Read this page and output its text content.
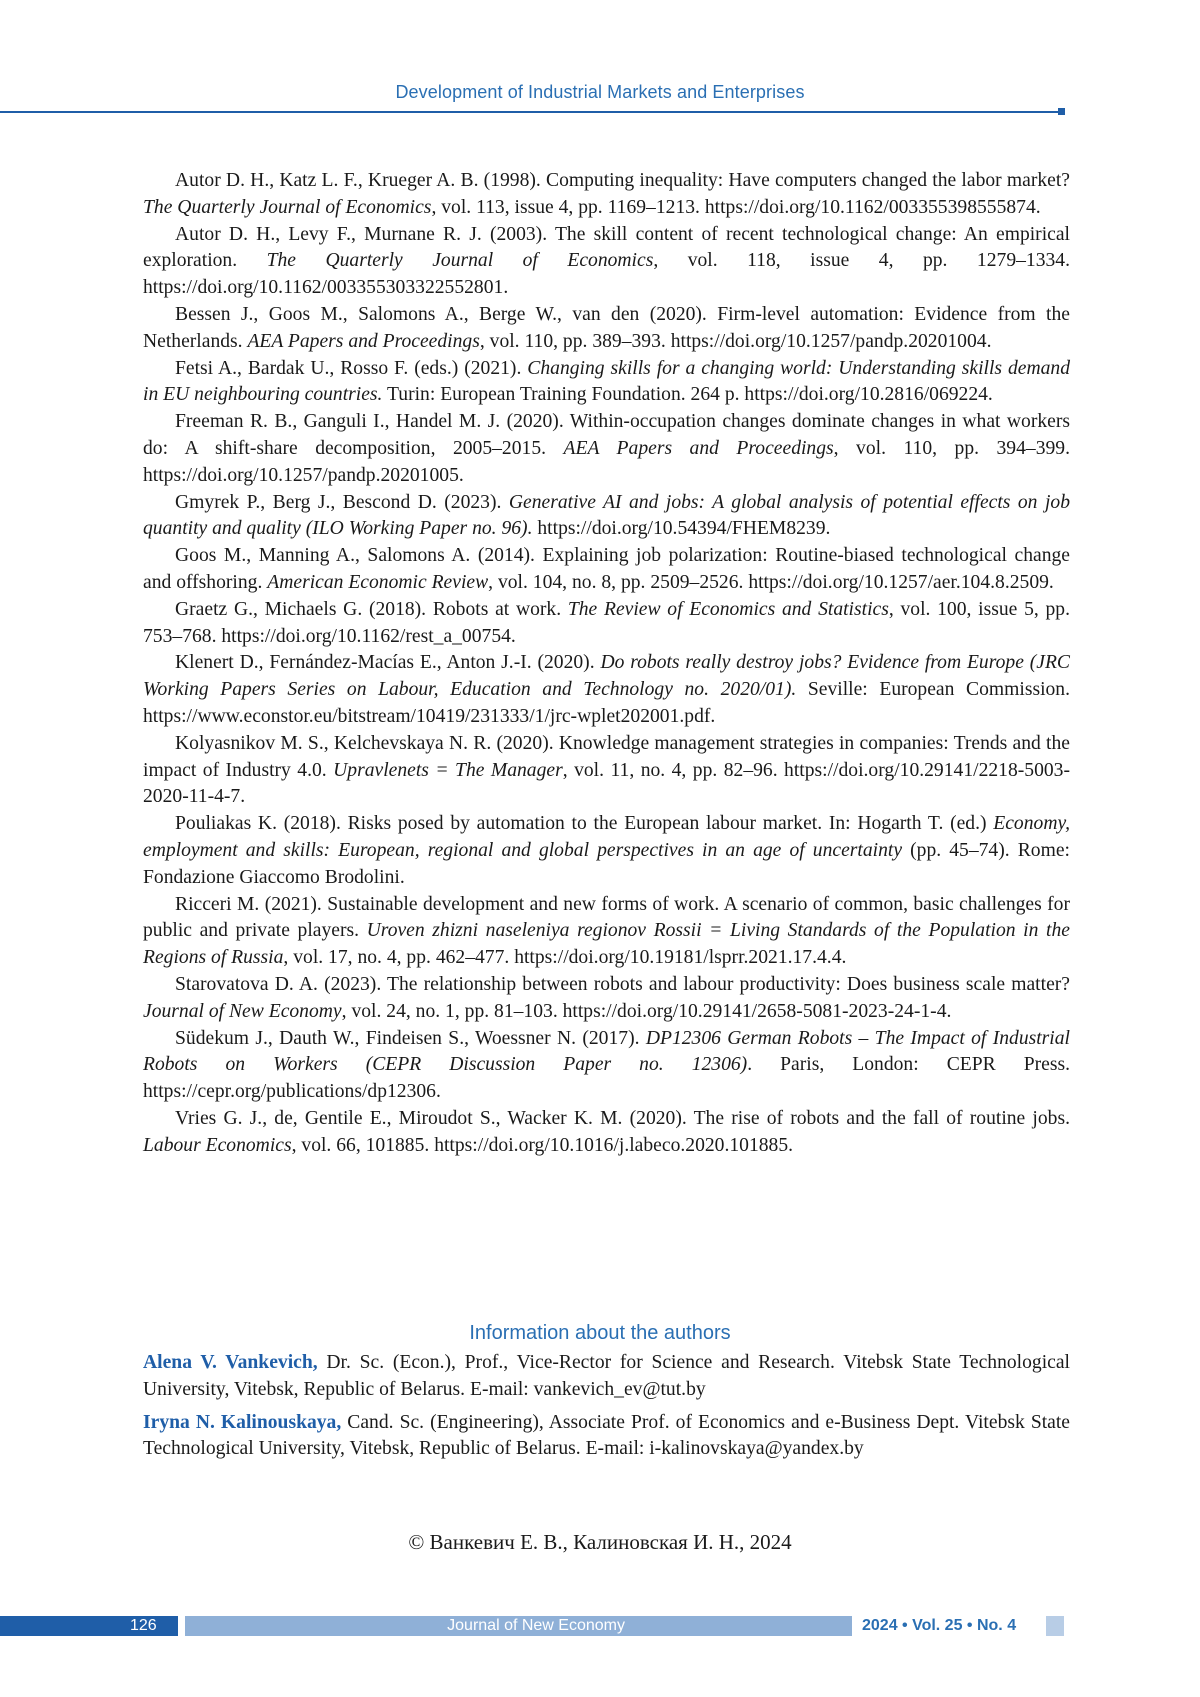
Development of Industrial Markets and Enterprises

Autor D. H., Katz L. F., Krueger A. B. (1998). Computing inequality: Have computers changed the labor market? The Quarterly Journal of Economics, vol. 113, issue 4, pp. 1169–1213. https://doi.org/10.1162/003355398555874.

Autor D. H., Levy F., Murnane R. J. (2003). The skill content of recent technological change: An empirical exploration. The Quarterly Journal of Economics, vol. 118, issue 4, pp. 1279–1334. https://doi.org/10.1162/003355303322552801.

Bessen J., Goos M., Salomons A., Berge W., van den (2020). Firm-level automation: Evidence from the Netherlands. AEA Papers and Proceedings, vol. 110, pp. 389–393. https://doi.org/10.1257/pandp.20201004.

Fetsi A., Bardak U., Rosso F. (eds.) (2021). Changing skills for a changing world: Understanding skills demand in EU neighbouring countries. Turin: European Training Foundation. 264 p. https://doi.org/10.2816/069224.

Freeman R. B., Ganguli I., Handel M. J. (2020). Within-occupation changes dominate changes in what workers do: A shift-share decomposition, 2005–2015. AEA Papers and Proceedings, vol. 110, pp. 394–399. https://doi.org/10.1257/pandp.20201005.

Gmyrek P., Berg J., Bescond D. (2023). Generative AI and jobs: A global analysis of potential effects on job quantity and quality (ILO Working Paper no. 96). https://doi.org/10.54394/FHEM8239.

Goos M., Manning A., Salomons A. (2014). Explaining job polarization: Routine-biased technological change and offshoring. American Economic Review, vol. 104, no. 8, pp. 2509–2526. https://doi.org/10.1257/aer.104.8.2509.

Graetz G., Michaels G. (2018). Robots at work. The Review of Economics and Statistics, vol. 100, issue 5, pp. 753–768. https://doi.org/10.1162/rest_a_00754.

Klenert D., Fernández-Macías E., Anton J.-I. (2020). Do robots really destroy jobs? Evidence from Europe (JRC Working Papers Series on Labour, Education and Technology no. 2020/01). Seville: European Commission. https://www.econstor.eu/bitstream/10419/231333/1/jrc-wplet202001.pdf.

Kolyasnikov M. S., Kelchevskaya N. R. (2020). Knowledge management strategies in companies: Trends and the impact of Industry 4.0. Upravlenets = The Manager, vol. 11, no. 4, pp. 82–96. https://doi.org/10.29141/2218-5003-2020-11-4-7.

Pouliakas K. (2018). Risks posed by automation to the European labour market. In: Hogarth T. (ed.) Economy, employment and skills: European, regional and global perspectives in an age of uncertainty (pp. 45–74). Rome: Fondazione Giaccomo Brodolini.

Ricceri M. (2021). Sustainable development and new forms of work. A scenario of common, basic challenges for public and private players. Uroven zhizni naseleniya regionov Rossii = Living Standards of the Population in the Regions of Russia, vol. 17, no. 4, pp. 462–477. https://doi.org/10.19181/lsprr.2021.17.4.4.

Starovatova D. A. (2023). The relationship between robots and labour productivity: Does business scale matter? Journal of New Economy, vol. 24, no. 1, pp. 81–103. https://doi.org/10.29141/2658-5081-2023-24-1-4.

Südekum J., Dauth W., Findeisen S., Woessner N. (2017). DP12306 German Robots – The Impact of Industrial Robots on Workers (CEPR Discussion Paper no. 12306). Paris, London: CEPR Press. https://cepr.org/publications/dp12306.

Vries G. J., de, Gentile E., Miroudot S., Wacker K. M. (2020). The rise of robots and the fall of routine jobs. Labour Economics, vol. 66, 101885. https://doi.org/10.1016/j.labeco.2020.101885.

Information about the authors

Alena V. Vankevich, Dr. Sc. (Econ.), Prof., Vice-Rector for Science and Research. Vitebsk State Technological University, Vitebsk, Republic of Belarus. E-mail: vankevich_ev@tut.by

Iryna N. Kalinouskaya, Cand. Sc. (Engineering), Associate Prof. of Economics and e-Business Dept. Vitebsk State Technological University, Vitebsk, Republic of Belarus. E-mail: i-kalinovskaya@yandex.by

© Ванкевич Е. В., Калиновская И. Н., 2024
126	Journal of New Economy	2024 • Vol. 25 • No. 4
